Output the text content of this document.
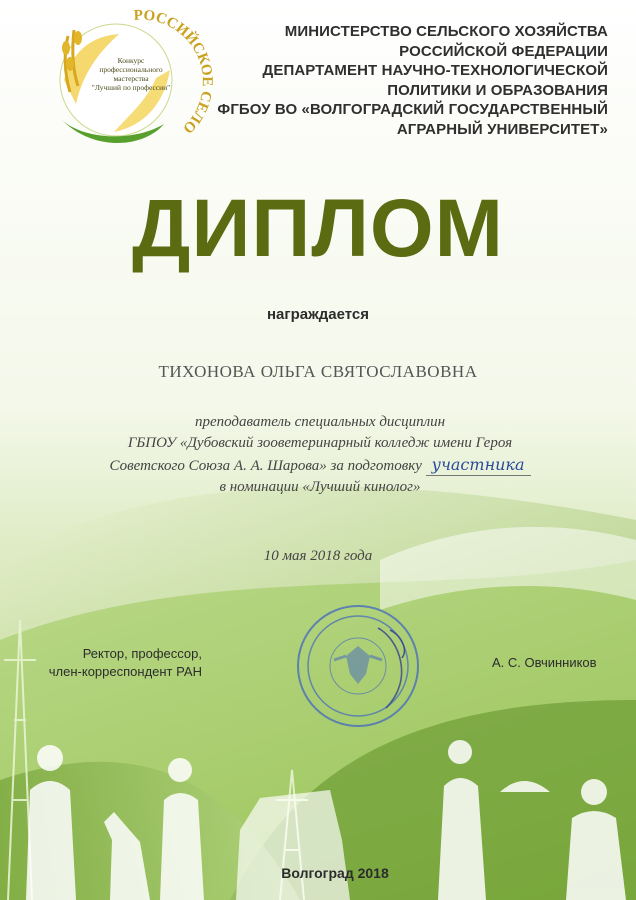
РОССИЙСКОЕ СЕЛО
Конкурс
профессионального
мастерства
"Лучший по профессии"
МИНИСТЕРСТВО СЕЛЬСКОГО ХОЗЯЙСТВА
РОССИЙСКОЙ ФЕДЕРАЦИИ
ДЕПАРТАМЕНТ НАУЧНО-ТЕХНОЛОГИЧЕСКОЙ
ПОЛИТИКИ И ОБРАЗОВАНИЯ
ФГБОУ ВО «ВОЛГОГРАДСКИЙ ГОСУДАРСТВЕННЫЙ
АГРАРНЫЙ УНИВЕРСИТЕТ»
ДИПЛОМ
награждается
ТИХОНОВА ОЛЬГА СВЯТОСЛАВОВНА
преподаватель специальных дисциплин
ГБПОУ «Дубовский зооветеринарный колледж имени Героя
Советского Союза А. А. Шарова» за подготовку участника
в номинации «Лучший кинолог»
10 мая 2018 года
Ректор, профессор,
член-корреспондент РАН
А. С. Овчинников
Волгоград 2018
